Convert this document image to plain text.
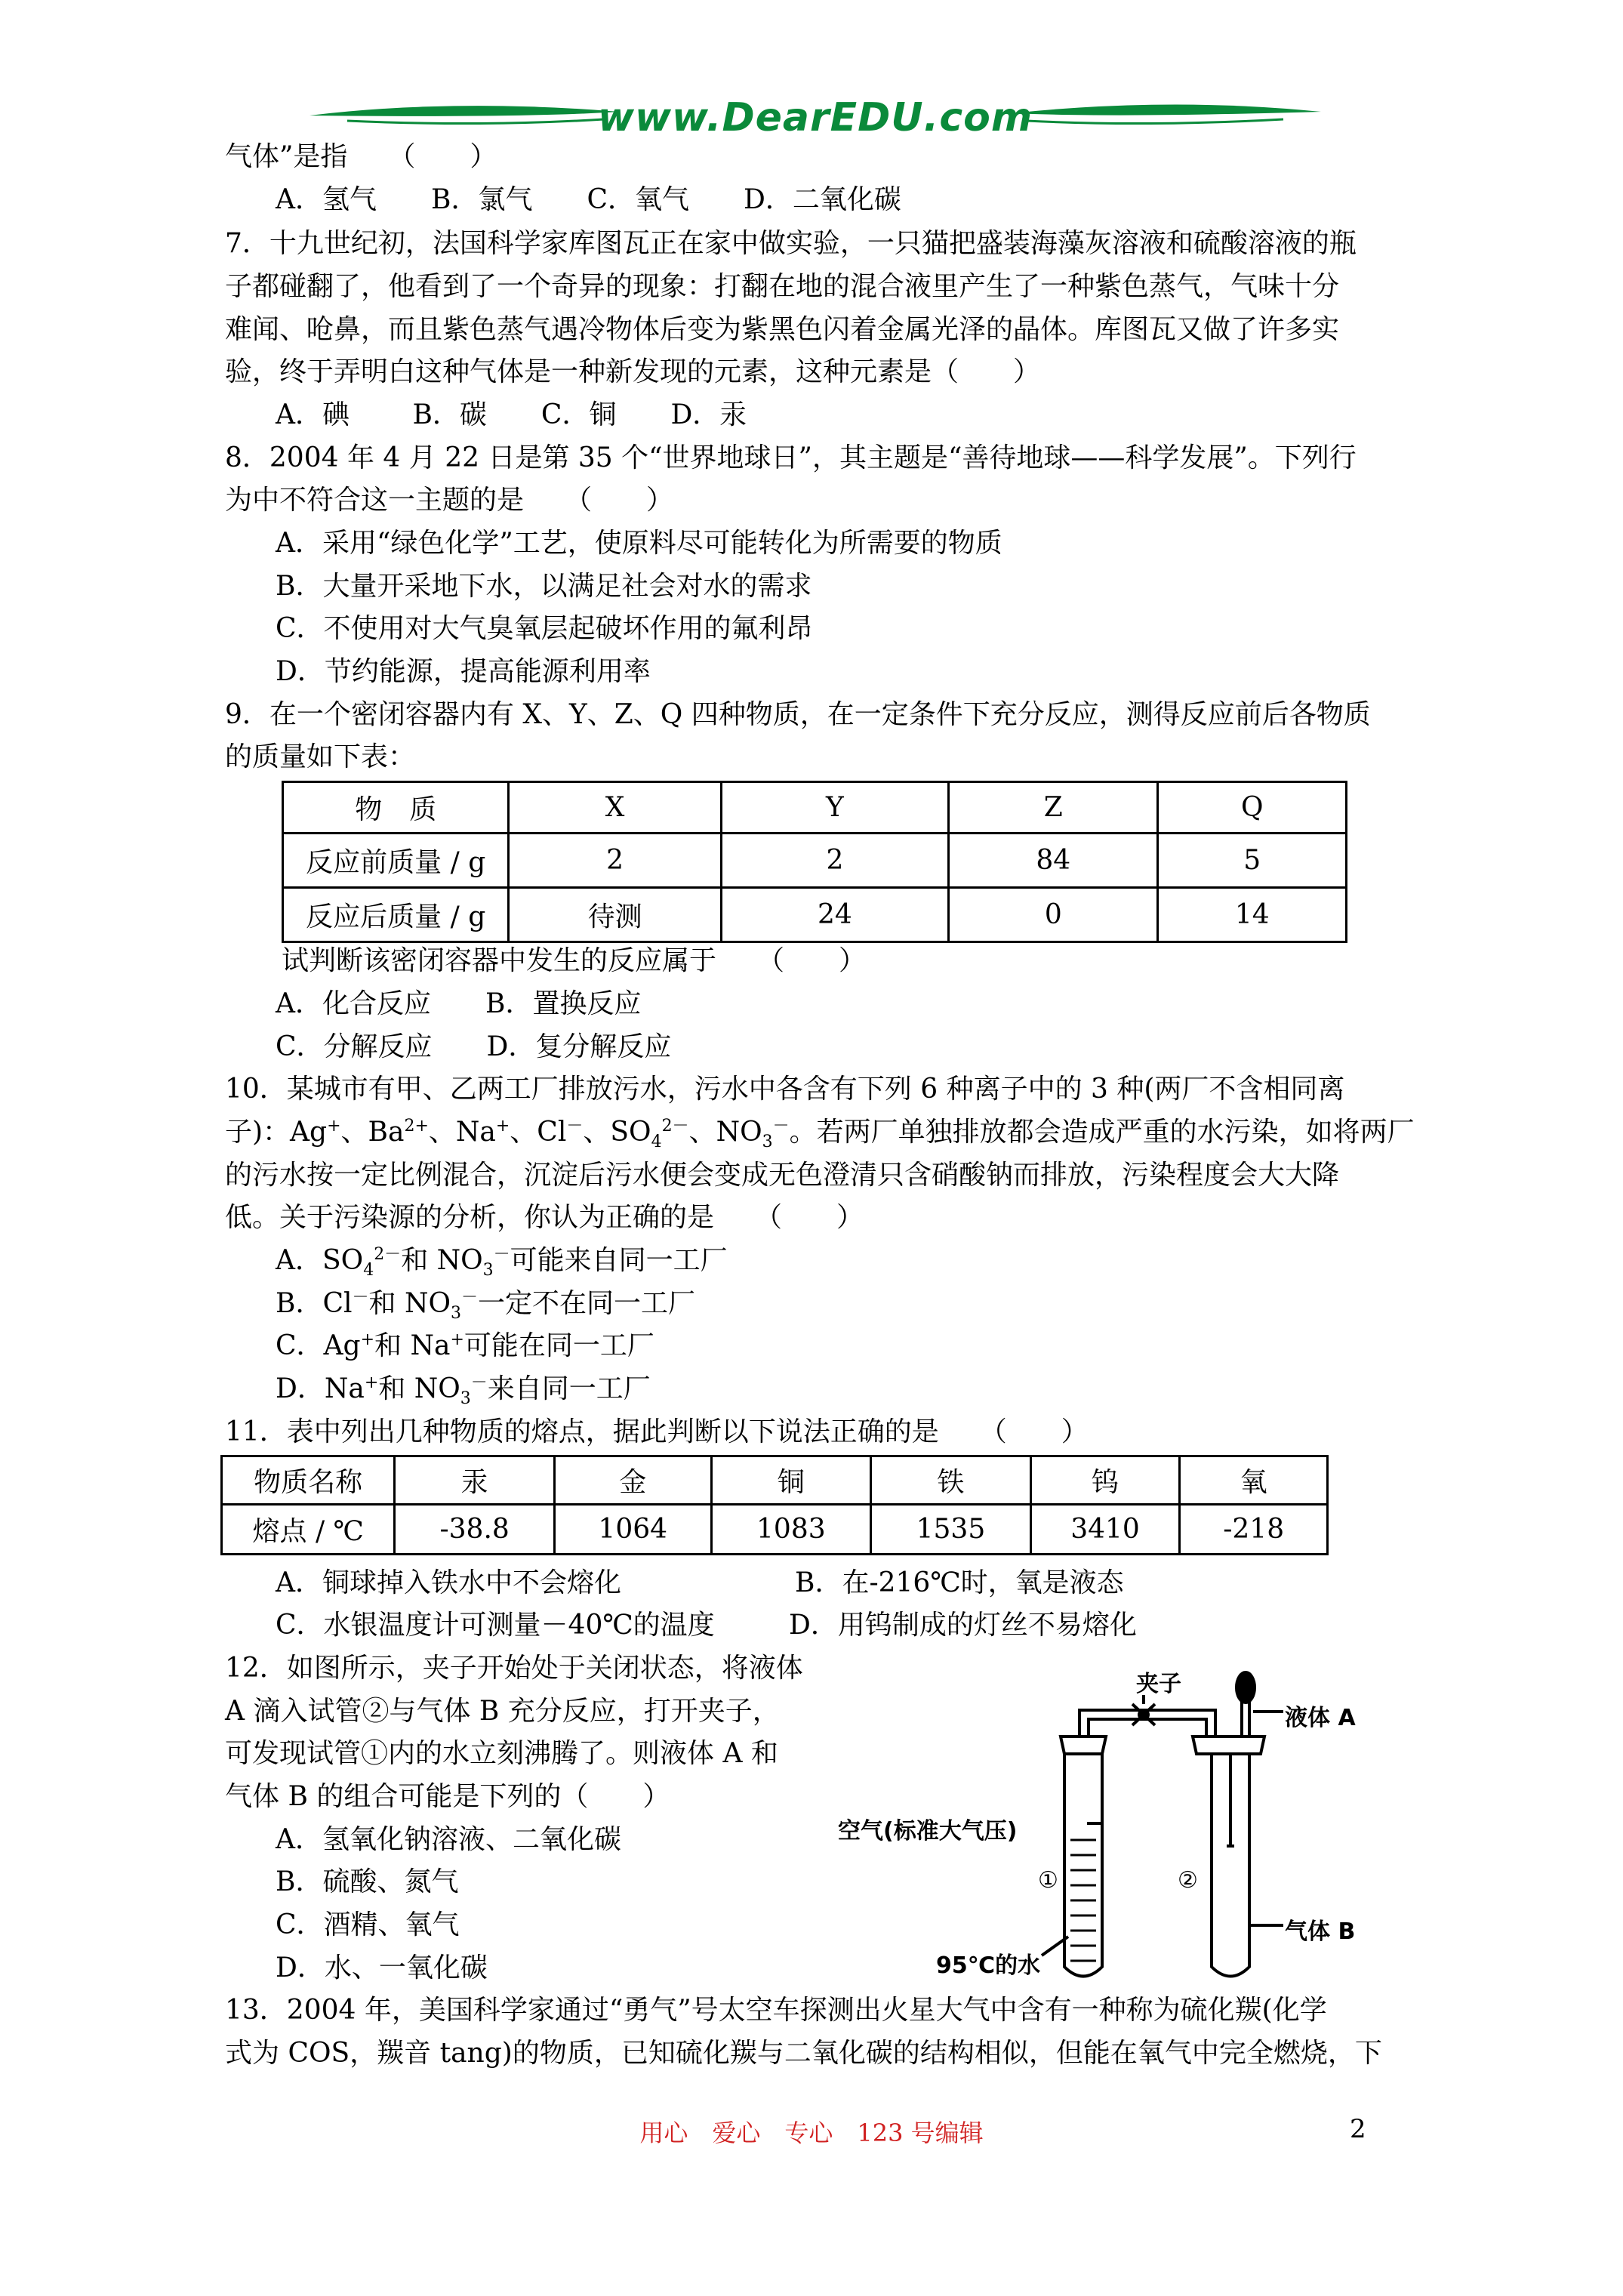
www.DearEDU.com
气体”是指　　（　　）
A．氢气　　B．氯气　　C．氧气　　D．二氧化碳
7．十九世纪初，法国科学家库图瓦正在家中做实验，一只猫把盛装海藻灰溶液和硫酸溶液的瓶
子都碰翻了，他看到了一个奇异的现象：打翻在地的混合液里产生了一种紫色蒸气，气味十分
难闻、呛鼻，而且紫色蒸气遇冷物体后变为紫黑色闪着金属光泽的晶体。库图瓦又做了许多实
验，终于弄明白这种气体是一种新发现的元素，这种元素是（　　）
A．碘　　 B．碳　　C．铜　　D．汞
8．2004 年 4 月 22 日是第 35 个“世界地球日”，其主题是“善待地球——科学发展”。下列行
为中不符合这一主题的是　　（　　）
A．采用“绿色化学”工艺，使原料尽可能转化为所需要的物质
B．大量开采地下水，以满足社会对水的需求
C．不使用对大气臭氧层起破坏作用的氟利昂
D．节约能源，提高能源利用率
9．在一个密闭容器内有 X、Y、Z、Q 四种物质，在一定条件下充分反应，测得反应前后各物质
的质量如下表：
物　质	X	Y	Z	Q
反应前质量 / g	2	2	84	5
反应后质量 / g	待测	24	0	14
试判断该密闭容器中发生的反应属于　　（　　）
A．化合反应　　B．置换反应
C．分解反应　　D．复分解反应
10．某城市有甲、乙两工厂排放污水，污水中各含有下列 6 种离子中的 3 种(两厂不含相同离
子)：Ag+、$Ba^{2+}$、Na+、Cl－、$SO_4^{2-}$、$NO_3^-$。若两厂单独排放都会造成严重的水污染，如将两厂
的污水按一定比例混合，沉淀后污水便会变成无色澄清只含硝酸钠而排放，污染程度会大大降
低。关于污染源的分析，你认为正确的是　　（　　）
A．$SO_4^{2-}$和 $NO_3^-$可能来自同一工厂
B．Cl－和 $NO_3^-$一定不在同一工厂
C．Ag+和 Na+可能在同一工厂
D．Na+和 $NO_3^-$来自同一工厂
11．表中列出几种物质的熔点，据此判断以下说法正确的是　　（　　）
物质名称	汞	金	铜	铁	钨	氧
熔点 / ℃	-38.8	1064	1083	1535	3410	-218
A．铜球掉入铁水中不会熔化	B．在-216℃时，氧是液态
C．水银温度计可测量－40℃的温度	D．用钨制成的灯丝不易熔化
12．如图所示，夹子开始处于关闭状态，将液体
A 滴入试管②与气体 B 充分反应，打开夹子，
可发现试管①内的水立刻沸腾了。则液体 A 和
气体 B 的组合可能是下列的（　　）
A．氢氧化钠溶液、二氧化碳
B．硫酸、氮气
C．酒精、氧气
D．水、一氧化碳
夹子
液体 A
空气(标准大气压)
①	②
气体 B
95℃的水
13．2004 年，美国科学家通过“勇气”号太空车探测出火星大气中含有一种称为硫化羰(化学
式为 COS，羰音 tang)的物质，已知硫化羰与二氧化碳的结构相似，但能在氧气中完全燃烧，下
用心　爱心　专心　123 号编辑	2
